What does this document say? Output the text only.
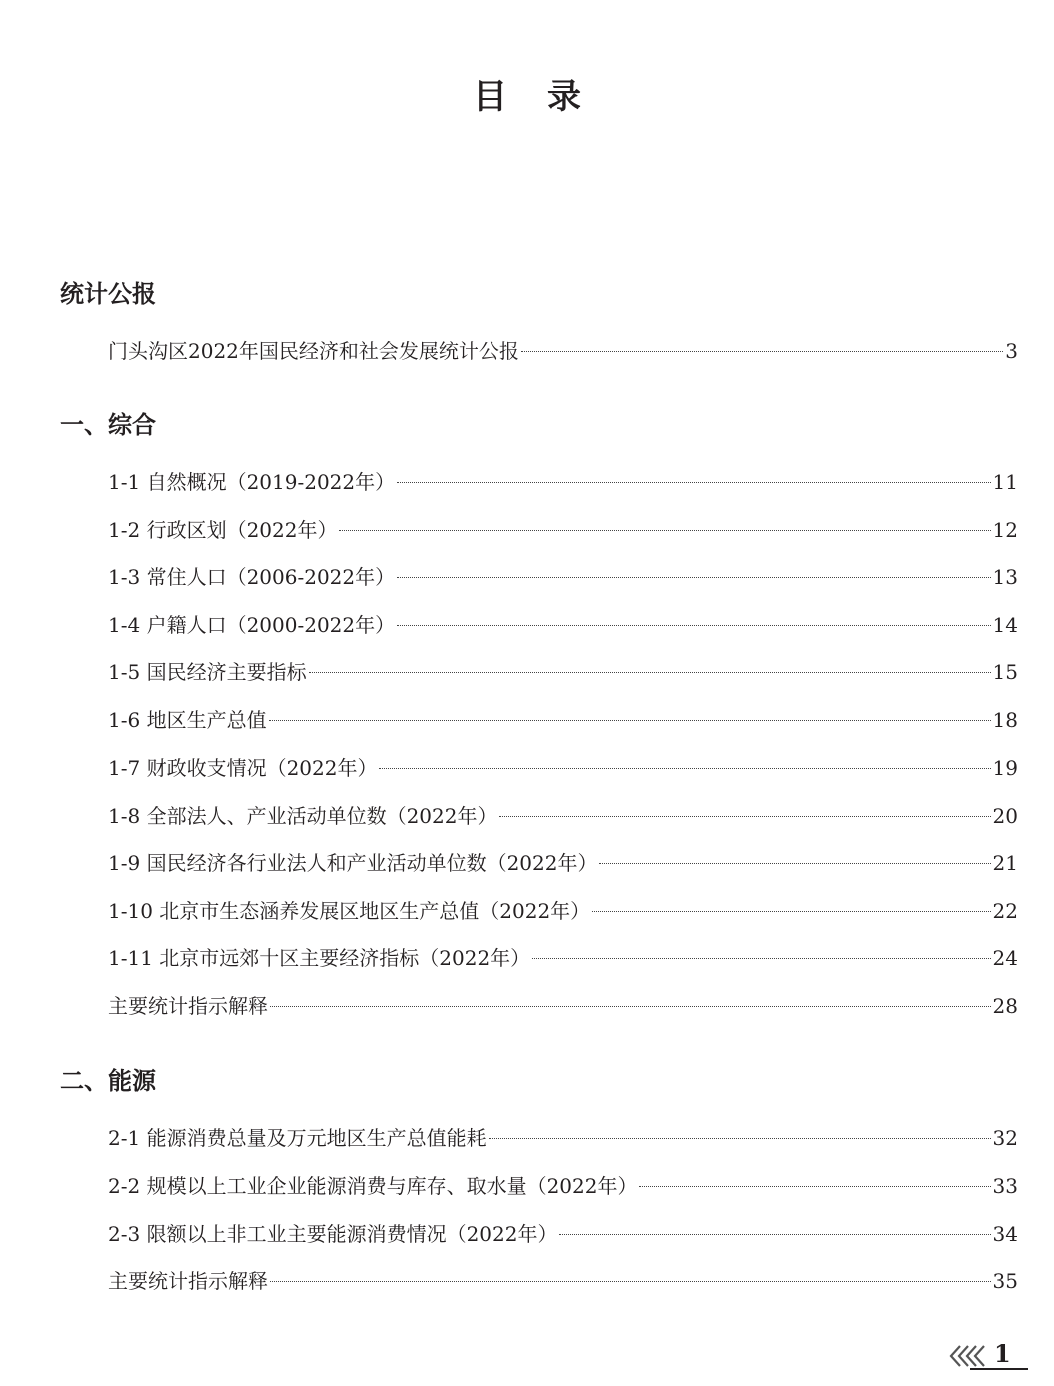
目录
统计公报
门头沟区2022年国民经济和社会发展统计公报	3
一、综合
1-1 自然概况（2019-2022年）	11
1-2 行政区划（2022年）	12
1-3 常住人口（2006-2022年）	13
1-4 户籍人口（2000-2022年）	14
1-5 国民经济主要指标	15
1-6 地区生产总值	18
1-7 财政收支情况（2022年）	19
1-8 全部法人、产业活动单位数（2022年）	20
1-9 国民经济各行业法人和产业活动单位数（2022年）	21
1-10 北京市生态涵养发展区地区生产总值（2022年）	22
1-11 北京市远郊十区主要经济指标（2022年）	24
主要统计指示解释	28
二、能源
2-1 能源消费总量及万元地区生产总值能耗	32
2-2 规模以上工业企业能源消费与库存、取水量（2022年）	33
2-3 限额以上非工业主要能源消费情况（2022年）	34
主要统计指示解释	35
1
